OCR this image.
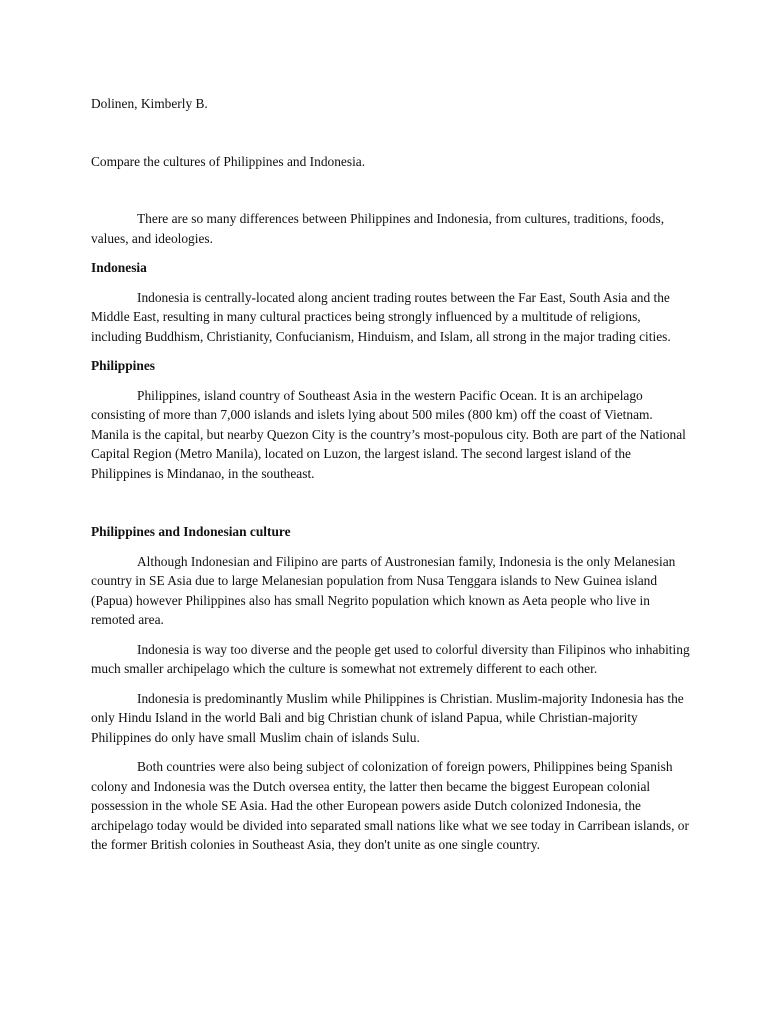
Dolinen, Kimberly B.

Compare the cultures of Philippines and Indonesia.

There are so many differences between Philippines and Indonesia, from cultures, traditions, foods, values, and ideologies.

Indonesia

Indonesia is centrally-located along ancient trading routes between the Far East, South Asia and the Middle East, resulting in many cultural practices being strongly influenced by a multitude of religions, including Buddhism, Christianity, Confucianism, Hinduism, and Islam, all strong in the major trading cities.

Philippines

Philippines, island country of Southeast Asia in the western Pacific Ocean. It is an archipelago consisting of more than 7,000 islands and islets lying about 500 miles (800 km) off the coast of Vietnam. Manila is the capital, but nearby Quezon City is the country’s most-populous city. Both are part of the National Capital Region (Metro Manila), located on Luzon, the largest island. The second largest island of the Philippines is Mindanao, in the southeast.

Philippines and Indonesian culture

Although Indonesian and Filipino are parts of Austronesian family, Indonesia is the only Melanesian country in SE Asia due to large Melanesian population from Nusa Tenggara islands to New Guinea island (Papua) however Philippines also has small Negrito population which known as Aeta people who live in remoted area.

Indonesia is way too diverse and the people get used to colorful diversity than Filipinos who inhabiting much smaller archipelago which the culture is somewhat not extremely different to each other.

Indonesia is predominantly Muslim while Philippines is Christian. Muslim-majority Indonesia has the only Hindu Island in the world Bali and big Christian chunk of island Papua, while Christian-majority Philippines do only have small Muslim chain of islands Sulu.

Both countries were also being subject of colonization of foreign powers, Philippines being Spanish colony and Indonesia was the Dutch oversea entity, the latter then became the biggest European colonial possession in the whole SE Asia. Had the other European powers aside Dutch colonized Indonesia, the archipelago today would be divided into separated small nations like what we see today in Carribean islands, or the former British colonies in Southeast Asia, they don't unite as one single country.
